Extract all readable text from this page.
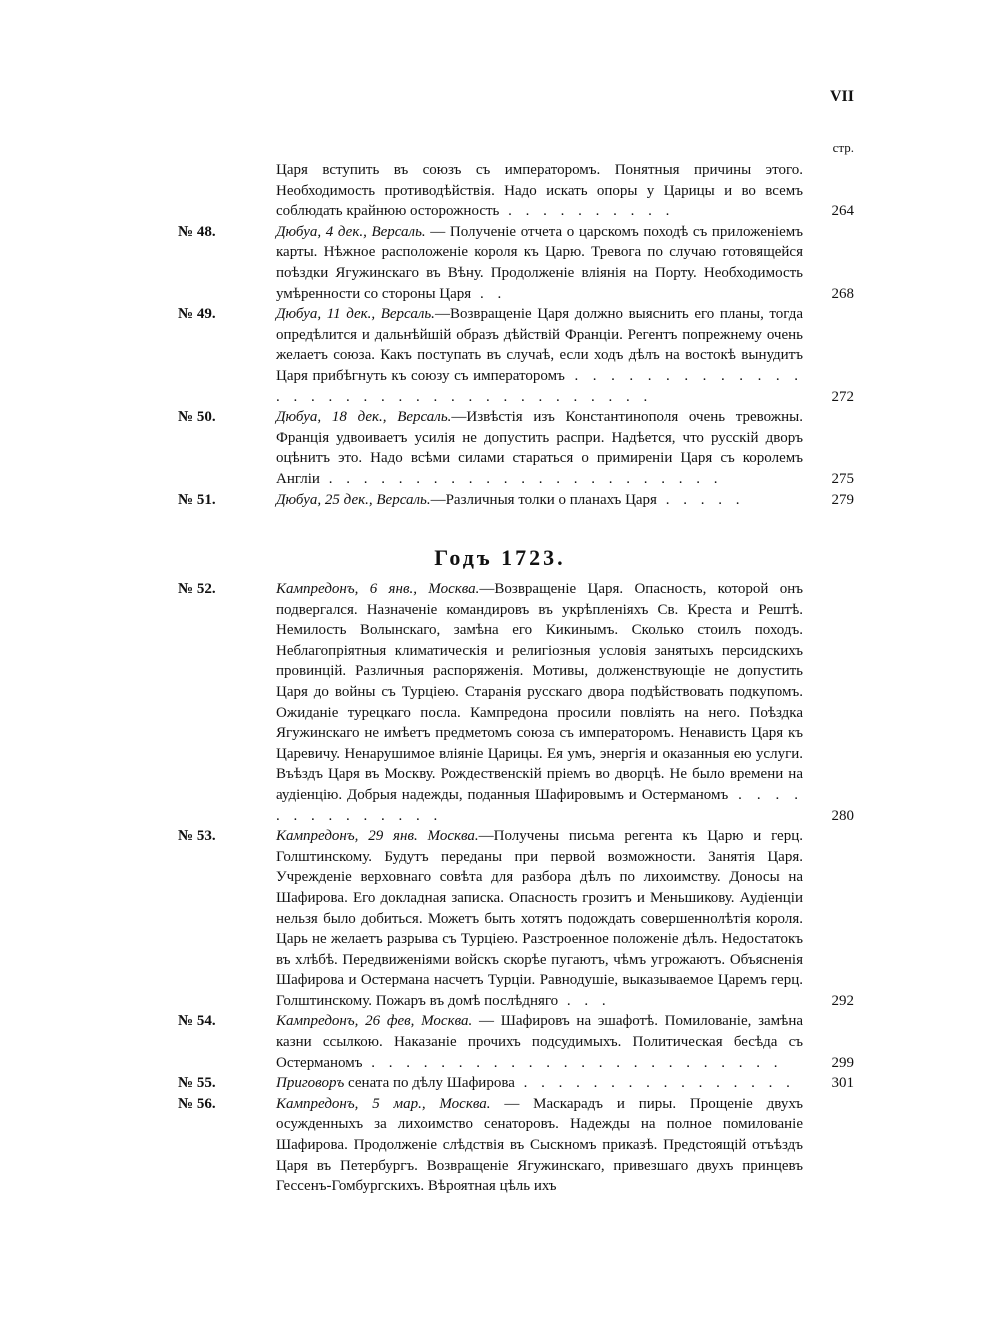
VII
стр.
Царя вступить въ союзъ съ императоромъ. Понятныя причины этого. Необходимость противодѣйствія. Надо искать опоры у Царицы и во всемъ соблюдать крайнюю осторожность . . . . . . . . . .	264
№ 48.	Дюбуа, 4 дек., Версаль. — Полученіе отчета о царскомъ походѣ съ приложеніемъ карты. Нѣжное расположеніе короля къ Царю. Тревога по случаю готовящейся поѣздки Ягужинскаго въ Вѣну. Продолженіе вліянія на Порту. Необходимость умѣренности со стороны Царя . .	268
№ 49.	Дюбуа, 11 дек., Версаль.—Возвращеніе Царя должно выяснить его планы, тогда опредѣлится и дальнѣйшій образъ дѣйствій Франціи. Регентъ попрежнему очень желаетъ союза. Какъ поступать въ случаѣ, если ходъ дѣлъ на востокѣ вынудитъ Царя прибѣгнуть къ союзу съ императоромъ . . . . . . . . . . . . . . . . . . . . . . . . . . . . . . . . . . .	272
№ 50.	Дюбуа, 18 дек., Версаль.—Извѣстія изъ Константинополя очень тревожны. Франція удвоиваетъ усилія не допустить распри. Надѣется, что русскій дворъ оцѣнитъ это. Надо всѣми силами стараться о примиреніи Царя съ королемъ Англіи . . . . . . . . . . . . . . . . . . . . . . .	275
№ 51.	Дюбуа, 25 дек., Версаль.—Различныя толки о планахъ Царя . . . . .	279
Годъ 1723.
№ 52.	Кампредонъ, 6 янв., Москва.—Возвращеніе Царя. Опасность, которой онъ подвергался. Назначеніе командировъ въ укрѣпленіяхъ Св. Креста и Рештѣ. Немилость Волынскаго, замѣна его Кикинымъ. Сколько стоилъ походъ. Неблагопріятныя климатическія и религіозныя условія занятыхъ персидскихъ провинцій. Различныя распоряженія. Мотивы, долженствующіе не допустить Царя до войны съ Турціею. Старанія русскаго двора подѣйствовать подкупомъ. Ожиданіе турецкаго посла. Кампредона просили повліять на него. Поѣздка Ягужинскаго не имѣетъ предметомъ союза съ императоромъ. Ненависть Царя къ Царевичу. Ненарушимое вліяніе Царицы. Ея умъ, энергія и оказанныя ею услуги. Въѣздъ Царя въ Москву. Рождественскій пріемъ во дворцѣ. Не было времени на аудіенцію. Добрыя надежды, поданныя Шафировымъ и Остерманомъ . . . . . . . . . . . . . .	280
№ 53.	Кампредонъ, 29 янв. Москва.—Получены письма регента къ Царю и герц. Голштинскому. Будутъ переданы при первой возможности. Занятія Царя. Учрежденіе верховнаго совѣта для разбора дѣлъ по лихоимству. Доносы на Шафирова. Его докладная записка. Опасность грозитъ и Меньшикову. Аудіенціи нельзя было добиться. Можетъ быть хотятъ подождать совершеннолѣтія короля. Царь не желаетъ разрыва съ Турціею. Разстроенное положеніе дѣлъ. Недостатокъ въ хлѣбѣ. Передвиженіями войскъ скорѣе пугаютъ, чѣмъ угрожаютъ. Объясненія Шафирова и Остермана насчетъ Турціи. Равнодушіе, выказываемое Царемъ герц. Голштинскому. Пожаръ въ домѣ послѣдняго . . .	292
№ 54.	Кампредонъ, 26 фев, Москва. — Шафировъ на эшафотѣ. Помилованіе, замѣна казни ссылкою. Наказаніе прочихъ подсудимыхъ. Политическая бесѣда съ Остерманомъ . . . . . . . . . . . . . . . . . . . . . . . .	299
№ 55.	Приговоръ сената по дѣлу Шафирова . . . . . . . . . . . . . . . .	301
№ 56.	Кампредонъ, 5 мар., Москва. — Маскарадъ и пиры. Прощеніе двухъ осужденныхъ за лихоимство сенаторовъ. Надежды на полное помилованіе Шафирова. Продолженіе слѣдствія въ Сыскномъ приказѣ. Предстоящій отъѣздъ Царя въ Петербургъ. Возвращеніе Ягужинскаго, привезшаго двухъ принцевъ Гессенъ-Гомбургскихъ. Вѣроятная цѣль ихъ
